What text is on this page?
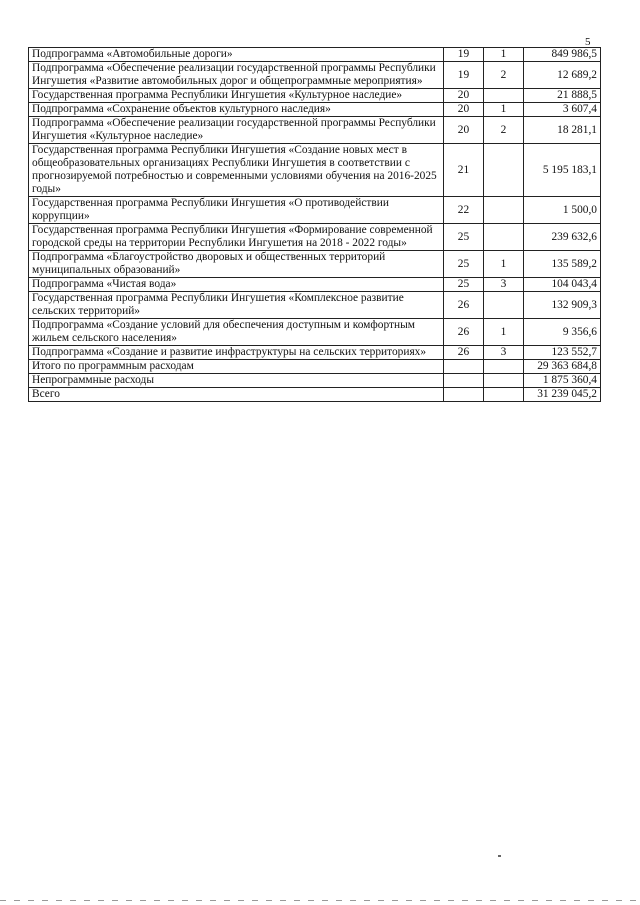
5
Подпрограмма «Автомобильные дороги»	19	1	849 986,5
Подпрограмма «Обеспечение реализации государственной программы Республики Ингушетия «Развитие автомобильных дорог и общепрограммные мероприятия»	19	2	12 689,2
Государственная программа Республики Ингушетия «Культурное наследие»	20		21 888,5
Подпрограмма «Сохранение объектов культурного наследия»	20	1	3 607,4
Подпрограмма «Обеспечение реализации государственной программы Республики Ингушетия «Культурное наследие»	20	2	18 281,1
Государственная программа Республики Ингушетия «Создание новых мест в общеобразовательных организациях Республики Ингушетия в соответствии с прогнозируемой потребностью и современными условиями обучения на 2016-2025 годы»	21		5 195 183,1
Государственная программа Республики Ингушетия «О противодействии коррупции»	22		1 500,0
Государственная программа Республики Ингушетия «Формирование современной городской среды на территории Республики Ингушетия на 2018 - 2022 годы»	25		239 632,6
Подпрограмма «Благоустройство дворовых и общественных территорий муниципальных образований»	25	1	135 589,2
Подпрограмма «Чистая вода»	25	3	104 043,4
Государственная программа Республики Ингушетия «Комплексное развитие сельских территорий»	26		132 909,3
Подпрограмма «Создание условий для обеспечения доступным и комфортным жильем сельского населения»	26	1	9 356,6
Подпрограмма «Создание и развитие инфраструктуры на сельских территориях»	26	3	123 552,7
Итого по программным расходам			29 363 684,8
Непрограммные расходы			1 875 360,4
Всего			31 239 045,2
